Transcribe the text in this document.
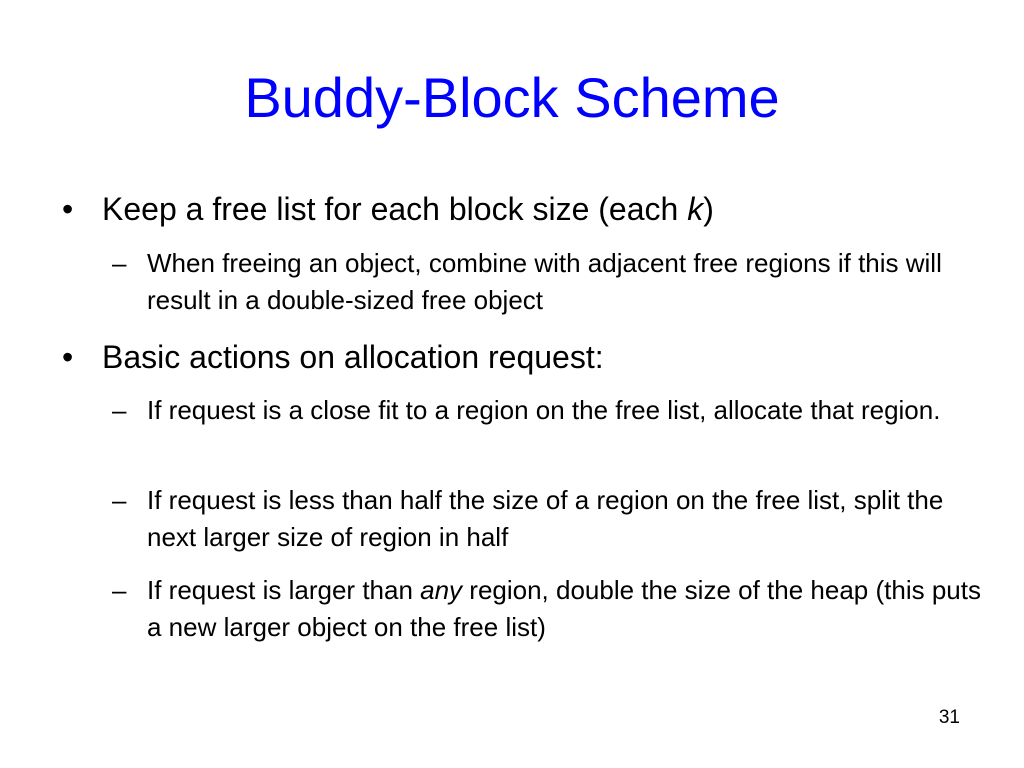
Buddy-Block Scheme
• Keep a free list for each block size (each k)
– When freeing an object, combine with adjacent free regions if this will result in a double-sized free object
• Basic actions on allocation request:
– If request is a close fit to a region on the free list, allocate that region.
– If request is less than half the size of a region on the free list, split the next larger size of region in half
– If request is larger than any region, double the size of the heap (this puts a new larger object on the free list)
31
